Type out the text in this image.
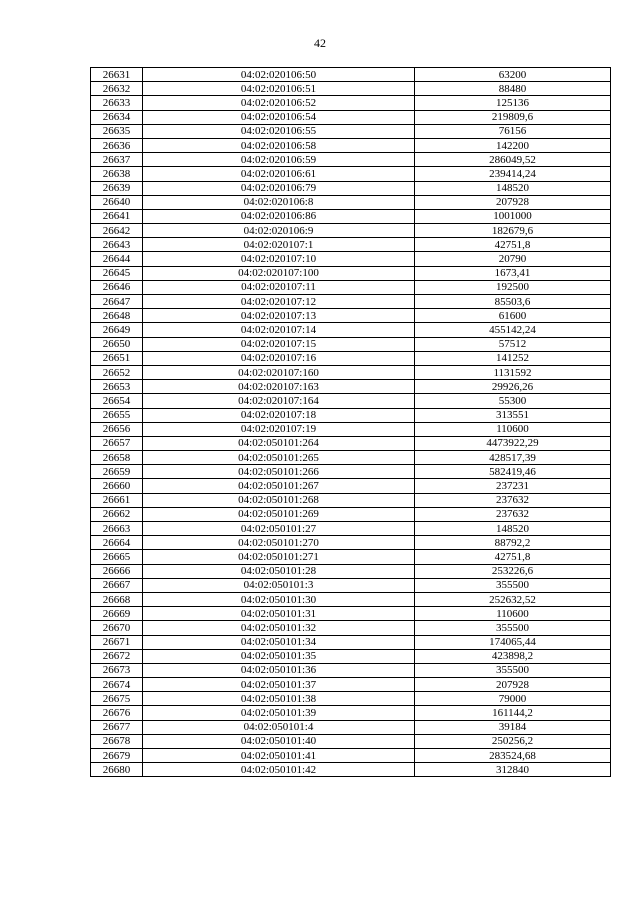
42
26631	04:02:020106:50	63200
26632	04:02:020106:51	88480
26633	04:02:020106:52	125136
26634	04:02:020106:54	219809,6
26635	04:02:020106:55	76156
26636	04:02:020106:58	142200
26637	04:02:020106:59	286049,52
26638	04:02:020106:61	239414,24
26639	04:02:020106:79	148520
26640	04:02:020106:8	207928
26641	04:02:020106:86	1001000
26642	04:02:020106:9	182679,6
26643	04:02:020107:1	42751,8
26644	04:02:020107:10	20790
26645	04:02:020107:100	1673,41
26646	04:02:020107:11	192500
26647	04:02:020107:12	85503,6
26648	04:02:020107:13	61600
26649	04:02:020107:14	455142,24
26650	04:02:020107:15	57512
26651	04:02:020107:16	141252
26652	04:02:020107:160	1131592
26653	04:02:020107:163	29926,26
26654	04:02:020107:164	55300
26655	04:02:020107:18	313551
26656	04:02:020107:19	110600
26657	04:02:050101:264	4473922,29
26658	04:02:050101:265	428517,39
26659	04:02:050101:266	582419,46
26660	04:02:050101:267	237231
26661	04:02:050101:268	237632
26662	04:02:050101:269	237632
26663	04:02:050101:27	148520
26664	04:02:050101:270	88792,2
26665	04:02:050101:271	42751,8
26666	04:02:050101:28	253226,6
26667	04:02:050101:3	355500
26668	04:02:050101:30	252632,52
26669	04:02:050101:31	110600
26670	04:02:050101:32	355500
26671	04:02:050101:34	174065,44
26672	04:02:050101:35	423898,2
26673	04:02:050101:36	355500
26674	04:02:050101:37	207928
26675	04:02:050101:38	79000
26676	04:02:050101:39	161144,2
26677	04:02:050101:4	39184
26678	04:02:050101:40	250256,2
26679	04:02:050101:41	283524,68
26680	04:02:050101:42	312840
